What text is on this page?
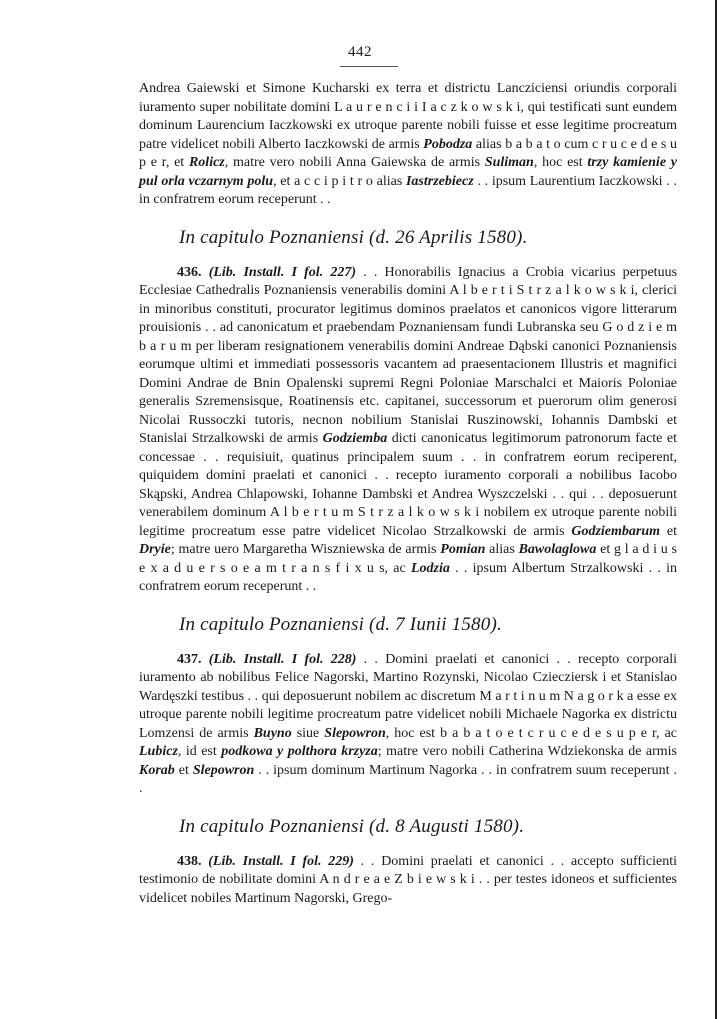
442

Andrea Gaiewski et Simone Kucharski ex terra et districtu Lancziciensi oriundis corporali iuramento super nobilitate domini L a u r e n c i i I a c z k o w s k i, qui testificati sunt eundem dominum Laurencium Iaczkowski ex utroque parente nobili fuisse et esse legitime procreatum patre videlicet nobili Alberto Iaczkowski de armis Pobodza alias b a b a t o cum c r u c e d e s u p e r, et Rolicz, matre vero nobili Anna Gaiewska de armis Suliman, hoc est trzy kamienie y pul orla vczarnym polu, et a c c i p i t r o alias Iastrzebiecz . . ipsum Laurentium Iaczkowski . . in confratrem eorum receperunt . .

In capitulo Poznaniensi (d. 26 Aprilis 1580).

436. (Lib. Install. I fol. 227) . . Honorabilis Ignacius a Crobia vicarius perpetuus Ecclesiae Cathedralis Poznaniensis venerabilis domini A l b e r t i S t r z a l k o w s k i, clerici in minoribus constituti, procurator legitimus dominos praelatos et canonicos vigore litterarum prouisionis . . ad canonicatum et praebendam Poznaniensam fundi Lubranska seu G o d z i e m b a r u m per liberam resignationem venerabilis domini Andreae Dąbski canonici Poznaniensis eorumque ultimi et immediati possessoris vacantem ad praesentacionem Illustris et magnifici Domini Andrae de Bnin Opalenski supremi Regni Poloniae Marschalci et Maioris Poloniae generalis Szremensisque, Roatinensis etc. capitanei, successorum et puerorum olim generosi Nicolai Russoczki tutoris, necnon nobilium Stanislai Ruszinowski, Iohannis Dambski et Stanislai Strzalkowski de armis Godziemba dicti canonicatus legitimorum patronorum facte et concessae . . requisiuit, quatinus principalem suum . . in confratrem eorum reciperent, quiquidem domini praelati et canonici . . recepto iuramento corporali a nobilibus Iacobo Skąpski, Andrea Chlapowski, Iohanne Dambski et Andrea Wyszczelski . . qui . . deposuerunt venerabilem dominum A l b e r t u m S t r z a l k o w s k i nobilem ex utroque parente nobili legitime procreatum esse patre videlicet Nicolao Strzalkowski de armis Godziembarum et Dryie; matre uero Margaretha Wiszniewska de armis Pomian alias Bawolaglowa et g l a d i u s e x a d u e r s o e a m t r a n s f i x u s, ac Lodzia . . ipsum Albertum Strzalkowski . . in confratrem eorum receperunt . .

In capitulo Poznaniensi (d. 7 Iunii 1580).

437. (Lib. Install. I fol. 228) . . Domini praelati et canonici . . recepto corporali iuramento ab nobilibus Felice Nagorski, Martino Rozynski, Nicolao Cziecziersk i et Stanislao Wardęszki testibus . . qui deposuerunt nobilem ac discretum M a r t i n u m N a g o r k a esse ex utroque parente nobili legitime procreatum patre videlicet nobili Michaele Nagorka ex districtu Lomzensi de armis Buyno siue Slepowron, hoc est b a b a t o e t c r u c e d e s u p e r, ac Lubicz, id est podkowa y polthora krzyza; matre vero nobili Catherina Wdziekonska de armis Korab et Slepowron . . ipsum dominum Martinum Nagorka . . in confratrem suum receperunt . .

In capitulo Poznaniensi (d. 8 Augusti 1580).

438. (Lib. Install. I fol. 229) . . Domini praelati et canonici . . accepto sufficienti testimonio de nobilitate domini A n d r e a e Z b i e w s k i . . per testes idoneos et sufficientes videlicet nobiles Martinum Nagorski, Grego-
